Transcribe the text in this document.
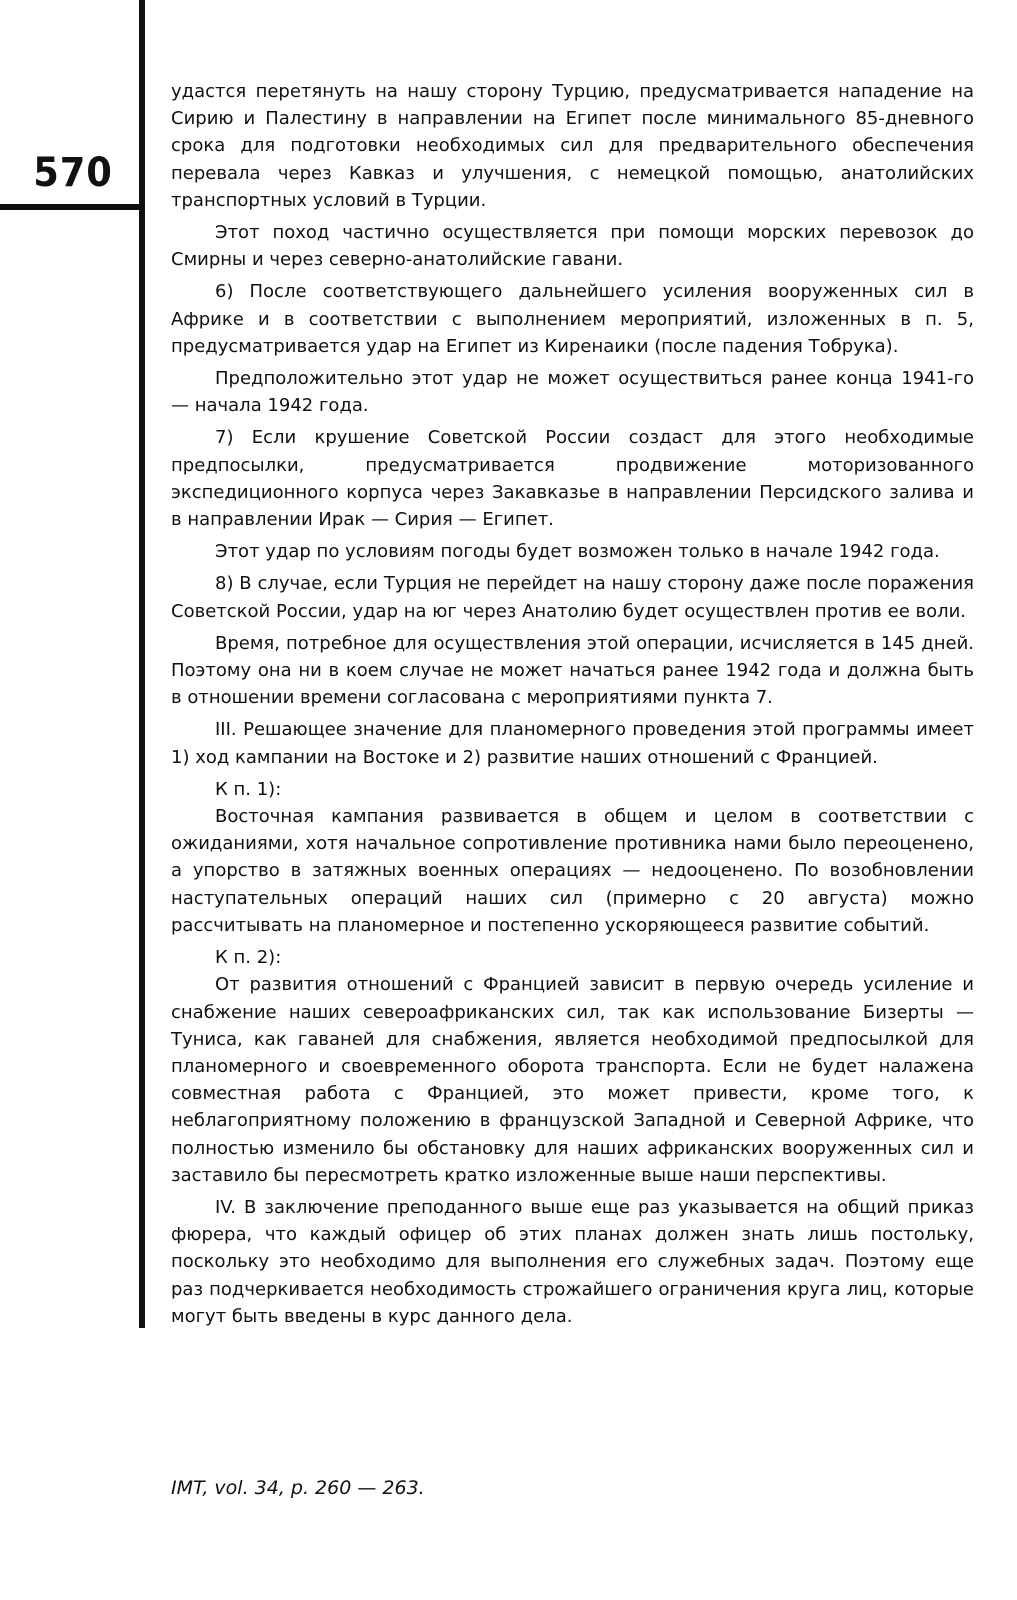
570

удастся перетянуть на нашу сторону Турцию, предусматривается нападение на Сирию и Палестину в направлении на Египет после минимального 85-дневного срока для подготовки необходимых сил для предварительного обеспечения перевала через Кавказ и улучшения, с немецкой помощью, анатолийских транспортных условий в Турции.

Этот поход частично осуществляется при помощи морских перевозок до Смирны и через северно-анатолийские гавани.

6) После соответствующего дальнейшего усиления вооруженных сил в Африке и в соответствии с выполнением мероприятий, изложенных в п. 5, предусматривается удар на Египет из Киренаики (после падения Тобрука).

Предположительно этот удар не может осуществиться ранее конца 1941-го — начала 1942 года.

7) Если крушение Советской России создаст для этого необходимые предпосылки, предусматривается продвижение моторизованного экспедиционного корпуса через Закавказье в направлении Персидского залива и в направлении Ирак — Сирия — Египет.

Этот удар по условиям погоды будет возможен только в начале 1942 года.

8) В случае, если Турция не перейдет на нашу сторону даже после поражения Советской России, удар на юг через Анатолию будет осуществлен против ее воли.

Время, потребное для осуществления этой операции, исчисляется в 145 дней. Поэтому она ни в коем случае не может начаться ранее 1942 года и должна быть в отношении времени согласована с мероприятиями пункта 7.

III. Решающее значение для планомерного проведения этой программы имеет 1) ход кампании на Востоке и 2) развитие наших отношений с Францией.

К п. 1):

Восточная кампания развивается в общем и целом в соответствии с ожиданиями, хотя начальное сопротивление противника нами было переоценено, а упорство в затяжных военных операциях — недооценено. По возобновлении наступательных операций наших сил (примерно с 20 августа) можно рассчитывать на планомерное и постепенно ускоряющееся развитие событий.

К п. 2):

От развития отношений с Францией зависит в первую очередь усиление и снабжение наших североафриканских сил, так как использование Бизерты — Туниса, как гаваней для снабжения, является необходимой предпосылкой для планомерного и своевременного оборота транспорта. Если не будет налажена совместная работа с Францией, это может привести, кроме того, к неблагоприятному положению в французской Западной и Северной Африке, что полностью изменило бы обстановку для наших африканских вооруженных сил и заставило бы пересмотреть кратко изложенные выше наши перспективы.

IV. В заключение преподанного выше еще раз указывается на общий приказ фюрера, что каждый офицер об этих планах должен знать лишь постольку, поскольку это необходимо для выполнения его служебных задач. Поэтому еще раз подчеркивается необходимость строжайшего ограничения круга лиц, которые могут быть введены в курс данного дела.

IMT, vol. 34, p. 260 — 263.
